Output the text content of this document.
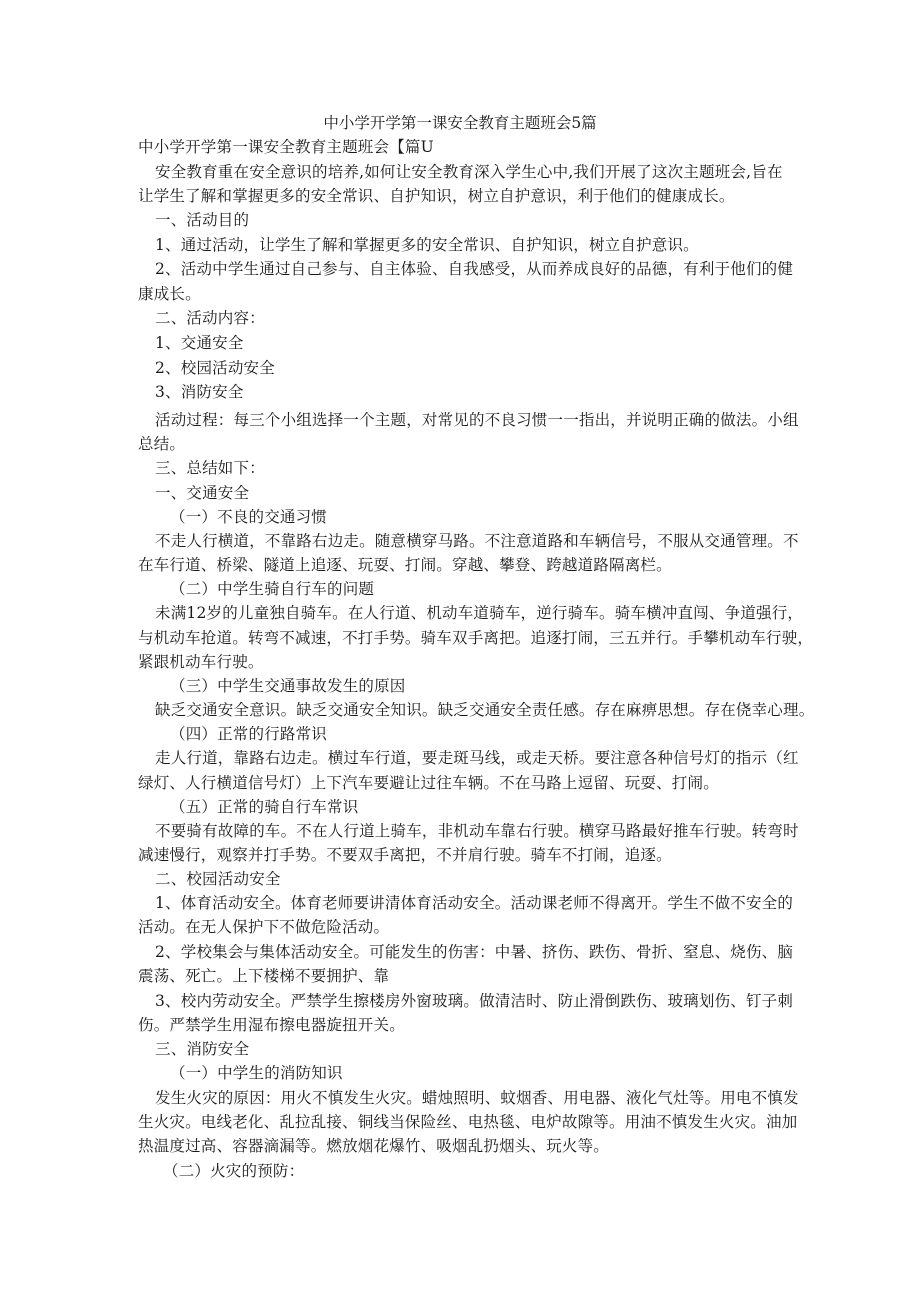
中小学开学第一课安全教育主题班会5篇
中小学开学第一课安全教育主题班会【篇U
安全教育重在安全意识的培养,如何让安全教育深入学生心中,我们开展了这次主题班会,旨在
让学生了解和掌握更多的安全常识、自护知识，树立自护意识，利于他们的健康成长。
一、活动目的
1、通过活动，让学生了解和掌握更多的安全常识、自护知识，树立自护意识。
2、活动中学生通过自己参与、自主体验、自我感受，从而养成良好的品德，有利于他们的健
康成长。
二、活动内容：
1、交通安全
2、校园活动安全
3、消防安全
活动过程：每三个小组选择一个主题，对常见的不良习惯一一指出，并说明正确的做法。小组
总结。
三、总结如下：
一、交通安全
（一）不良的交通习惯
不走人行横道，不靠路右边走。随意横穿马路。不注意道路和车辆信号，不服从交通管理。不
在车行道、桥梁、隧道上追逐、玩耍、打闹。穿越、攀登、跨越道路隔离栏。
（二）中学生骑自行车的问题
未满12岁的儿童独自骑车。在人行道、机动车道骑车，逆行骑车。骑车横冲直闯、争道强行，
与机动车抢道。转弯不减速，不打手势。骑车双手离把。追逐打闹，三五并行。手攀机动车行驶，
紧跟机动车行驶。
（三）中学生交通事故发生的原因
缺乏交通安全意识。缺乏交通安全知识。缺乏交通安全责任感。存在麻痹思想。存在侥幸心理。
（四）正常的行路常识
走人行道，靠路右边走。横过车行道，要走斑马线，或走天桥。要注意各种信号灯的指示（红
绿灯、人行横道信号灯）上下汽车要避让过往车辆。不在马路上逗留、玩耍、打闹。
（五）正常的骑自行车常识
不要骑有故障的车。不在人行道上骑车，非机动车靠右行驶。横穿马路最好推车行驶。转弯时
减速慢行，观察并打手势。不要双手离把，不并肩行驶。骑车不打闹，追逐。
二、校园活动安全
1、体育活动安全。体育老师要讲清体育活动安全。活动课老师不得离开。学生不做不安全的
活动。在无人保护下不做危险活动。
2、学校集会与集体活动安全。可能发生的伤害：中暑、挤伤、跌伤、骨折、窒息、烧伤、脑
震荡、死亡。上下楼梯不要拥护、靠
3、校内劳动安全。严禁学生擦楼房外窗玻璃。做清洁时、防止滑倒跌伤、玻璃划伤、钉子刺
伤。严禁学生用湿布擦电器旋扭开关。
三、消防安全
（一）中学生的消防知识
发生火灾的原因：用火不慎发生火灾。蜡烛照明、蚊烟香、用电器、液化气灶等。用电不慎发
生火灾。电线老化、乱拉乱接、铜线当保险丝、电热毯、电炉故隙等。用油不慎发生火灾。油加
热温度过高、容器滴漏等。燃放烟花爆竹、吸烟乱扔烟头、玩火等。
（二）火灾的预防：
